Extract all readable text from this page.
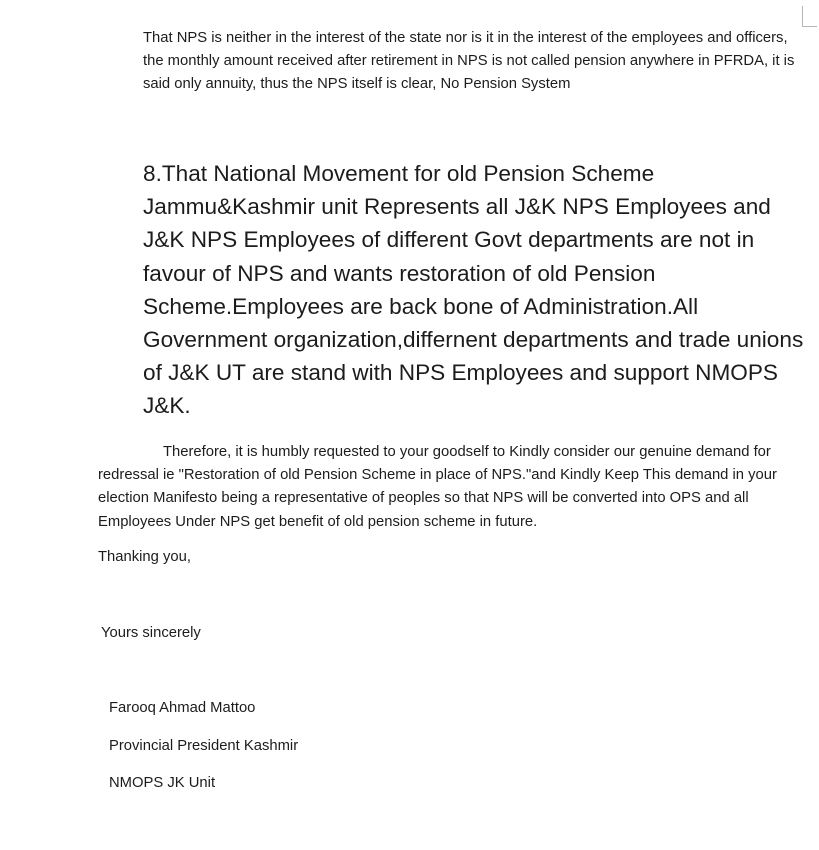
That NPS is neither in the interest of the state nor is it in the interest of the employees and officers, the monthly amount received after retirement in NPS is not called pension anywhere in PFRDA, it is said only annuity, thus the NPS itself is clear, No Pension System

8.That National Movement for old Pension Scheme Jammu&Kashmir unit Represents all J&K NPS Employees and J&K NPS Employees of different Govt departments are not in favour of NPS and wants restoration of old Pension Scheme.Employees are back bone of Administration.All Government organization,differnent departments and trade unions of J&K UT are stand with NPS Employees and support NMOPS J&K.

Therefore, it is humbly requested to your goodself to Kindly consider our genuine demand for redressal ie "Restoration of old Pension Scheme in place of NPS."and Kindly Keep This demand in your election Manifesto being a representative of peoples so that NPS will be converted into OPS and all Employees Under NPS get benefit of old pension scheme in future.

Thanking you,

Yours sincerely

Farooq Ahmad Mattoo

Provincial President Kashmir

NMOPS JK Unit
